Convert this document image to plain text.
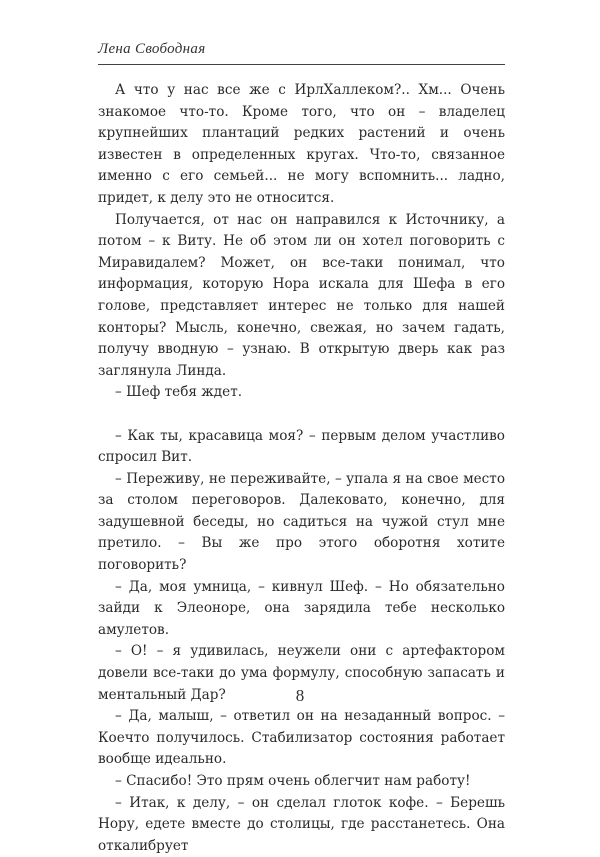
Лена Свободная

А что у нас все же с ИрлХаллеком?.. Хм... Очень знакомое что-то. Кроме того, что он – владелец крупнейших плантаций редких растений и очень известен в определенных кругах. Что-то, связанное именно с его семьей... не могу вспомнить... ладно, придет, к делу это не относится.

Получается, от нас он направился к Источнику, а потом – к Виту. Не об этом ли он хотел поговорить с Миравидалем? Может, он все-таки понимал, что информация, которую Нора искала для Шефа в его голове, представляет интерес не только для нашей конторы? Мысль, конечно, свежая, но зачем гадать, получу вводную – узнаю. В открытую дверь как раз заглянула Линда.

– Шеф тебя ждет.

– Как ты, красавица моя? – первым делом участливо спросил Вит.

– Переживу, не переживайте, – упала я на свое место за столом переговоров. Далековато, конечно, для задушевной беседы, но садиться на чужой стул мне претило. – Вы же про этого оборотня хотите поговорить?

– Да, моя умница, – кивнул Шеф. – Но обязательно зайди к Элеоноре, она зарядила тебе несколько амулетов.

– О! – я удивилась, неужели они с артефактором довели все-таки до ума формулу, способную запасать и ментальный Дар?

– Да, малыш, – ответил он на незаданный вопрос. – Коечто получилось. Стабилизатор состояния работает вообще идеально.

– Спасибо! Это прям очень облегчит нам работу!

– Итак, к делу, – он сделал глоток кофе. – Берешь Нору, едете вместе до столицы, где расстанетесь. Она откалибрует

8
